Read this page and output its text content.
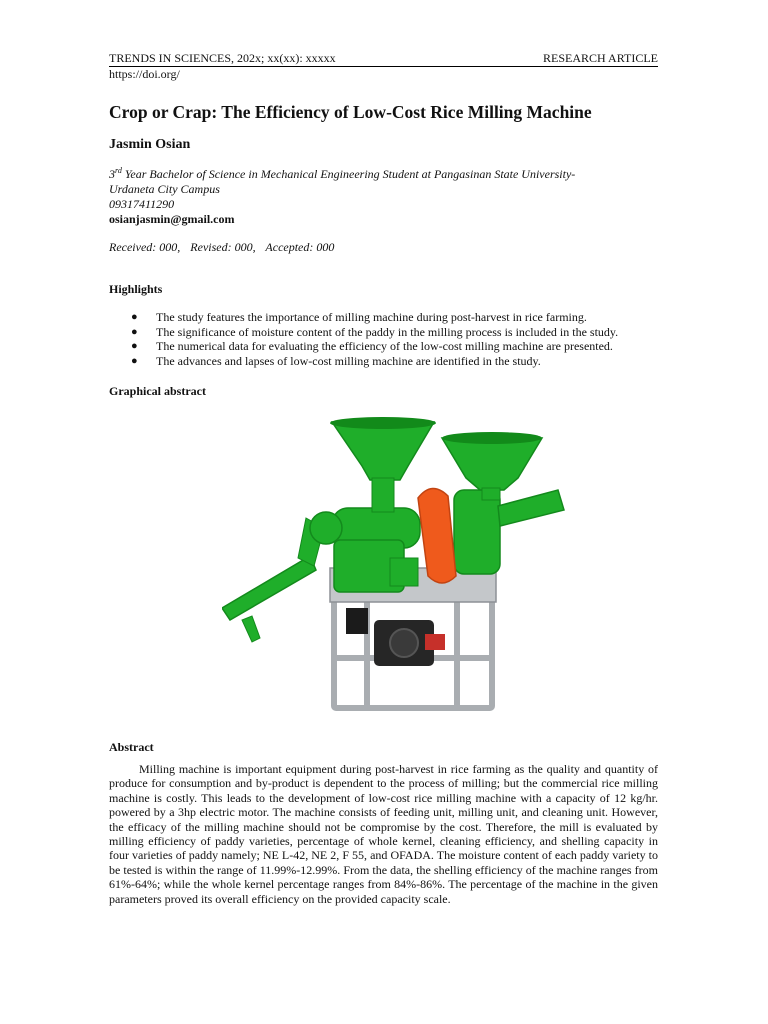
TRENDS IN SCIENCES, 202x; xx(xx): xxxxx	RESEARCH ARTICLE
https://doi.org/
Crop or Crap: The Efficiency of Low-Cost Rice Milling Machine
Jasmin Osian
3rd Year Bachelor of Science in Mechanical Engineering Student at Pangasinan State University-
Urdaneta City Campus
09317411290
osianjasmin@gmail.com
Received: 000, Revised: 000, Accepted: 000
Highlights
● The study features the importance of milling machine during post-harvest in rice farming.
● The significance of moisture content of the paddy in the milling process is included in the study.
● The numerical data for evaluating the efficiency of the low-cost milling machine are presented.
● The advances and lapses of low-cost milling machine are identified in the study.
Graphical abstract
Abstract

Milling machine is important equipment during post-harvest in rice farming as the quality and quantity of produce for consumption and by-product is dependent to the process of milling; but the commercial rice milling machine is costly. This leads to the development of low-cost rice milling machine with a capacity of 12 kg/hr. powered by a 3hp electric motor. The machine consists of feeding unit, milling unit, and cleaning unit. However, the efficacy of the milling machine should not be compromise by the cost. Therefore, the mill is evaluated by milling efficiency of paddy varieties, percentage of whole kernel, cleaning efficiency, and shelling capacity in four varieties of paddy namely; NE L-42, NE 2, F 55, and OFADA. The moisture content of each paddy variety to be tested is within the range of 11.99%-12.99%. From the data, the shelling efficiency of the machine ranges from 61%-64%; while the whole kernel percentage ranges from 84%-86%. The percentage of the machine in the given parameters proved its overall efficiency on the provided capacity scale.
